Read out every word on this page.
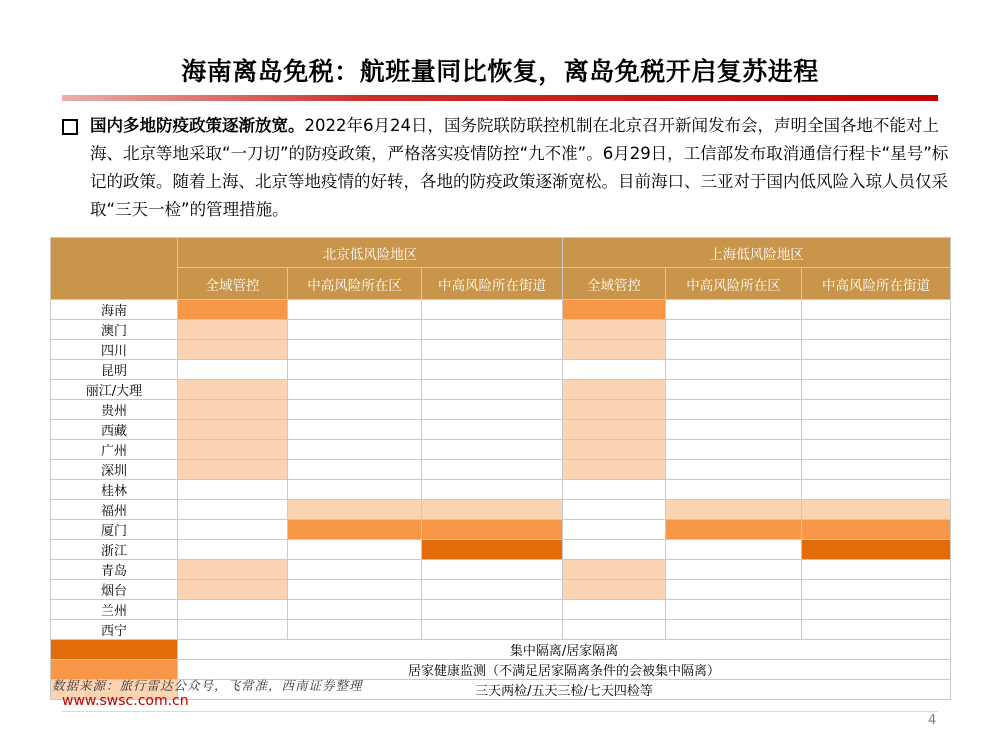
海南离岛免税：航班量同比恢复，离岛免税开启复苏进程
国内多地防疫政策逐渐放宽。2022年6月24日，国务院联防联控机制在北京召开新闻发布会，声明全国各地不能对上海、北京等地采取“一刀切”的防疫政策，严格落实疫情防控“九不准”。6月29日，工信部发布取消通信行程卡“星号”标记的政策。随着上海、北京等地疫情的好转，各地的防疫政策逐渐宽松。目前海口、三亚对于国内低风险入琼人员仅采取“三天一检”的管理措施。
	北京低风险地区			上海低风险地区		
	全域管控	中高风险所在区	中高风险所在街道	全域管控	中高风险所在区	中高风险所在街道
海南						
澳门						
四川						
昆明						
丽江/大理						
贵州						
西藏						
广州						
深圳						
桂林						
福州						
厦门						
浙江						
青岛						
烟台						
兰州						
西宁						
	集中隔离/居家隔离					
	居家健康监测（不满足居家隔离条件的会被集中隔离）					
	三天两检/五天三检/七天四检等					
数据来源：旅行雷达公众号，飞常准，西南证券整理
www.swsc.com.cn
4
